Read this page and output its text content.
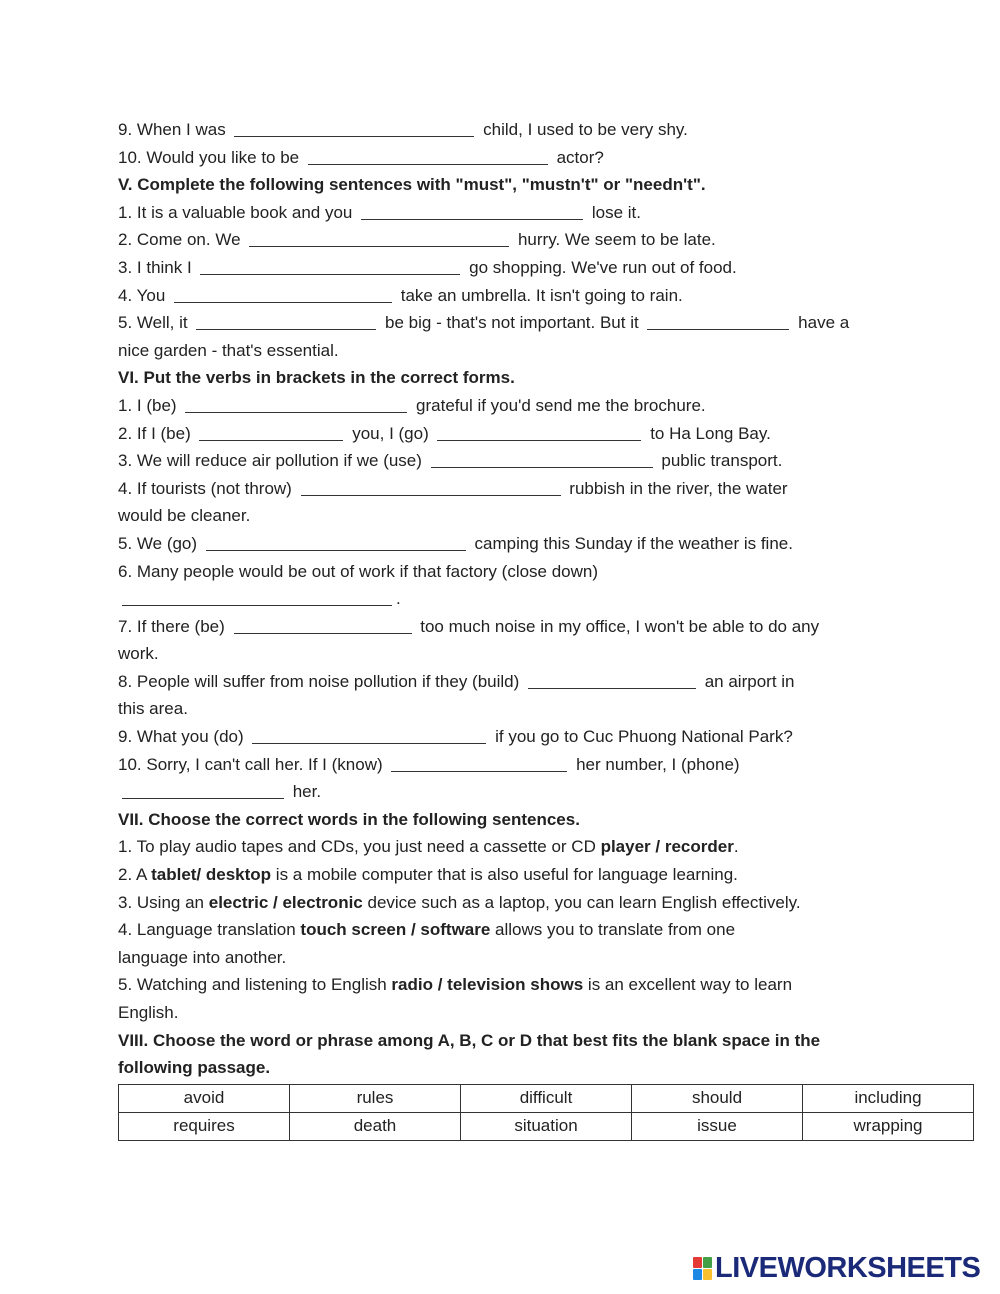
9. When I was	child, I used to be very shy.
10. Would you like to be	actor?
V. Complete the following sentences with "must", "mustn't" or "needn't".
1. It is a valuable book and you	lose it.
2. Come on. We	hurry. We seem to be late.
3. I think I	go shopping. We've run out of food.
4. You	take an umbrella. It isn't going to rain.
5. Well, it	be big - that's not important. But it	have a
nice garden - that's essential.
VI. Put the verbs in brackets in the correct forms.
1. I (be)	grateful if you'd send me the brochure.
2. If I (be)	you, I (go)	to Ha Long Bay.
3. We will reduce air pollution if we (use)	public transport.
4. If tourists (not throw)	rubbish in the river, the water
would be cleaner.
5. We (go)	camping this Sunday if the weather is fine.
6. Many people would be out of work if that factory (close down)
.
7. If there (be)	too much noise in my office, I won't be able to do any
work.
8. People will suffer from noise pollution if they (build)	an airport in
this area.
9. What you (do)	if you go to Cuc Phuong National Park?
10. Sorry, I can't call her. If I (know)	her number, I (phone)
her.
VII. Choose the correct words in the following sentences.
1. To play audio tapes and CDs, you just need a cassette or CD player / recorder.
2. A tablet/ desktop is a mobile computer that is also useful for language learning.
3. Using an electric / electronic device such as a laptop, you can learn English effectively.
4. Language translation touch screen / software allows you to translate from one
language into another.
5. Watching and listening to English radio / television shows is an excellent way to learn
English.
VIII. Choose the word or phrase among A, B, C or D that best fits the blank space in the
following passage.
avoid	rules	difficult	should	including
requires	death	situation	issue	wrapping
LIVEWORKSHEETS
